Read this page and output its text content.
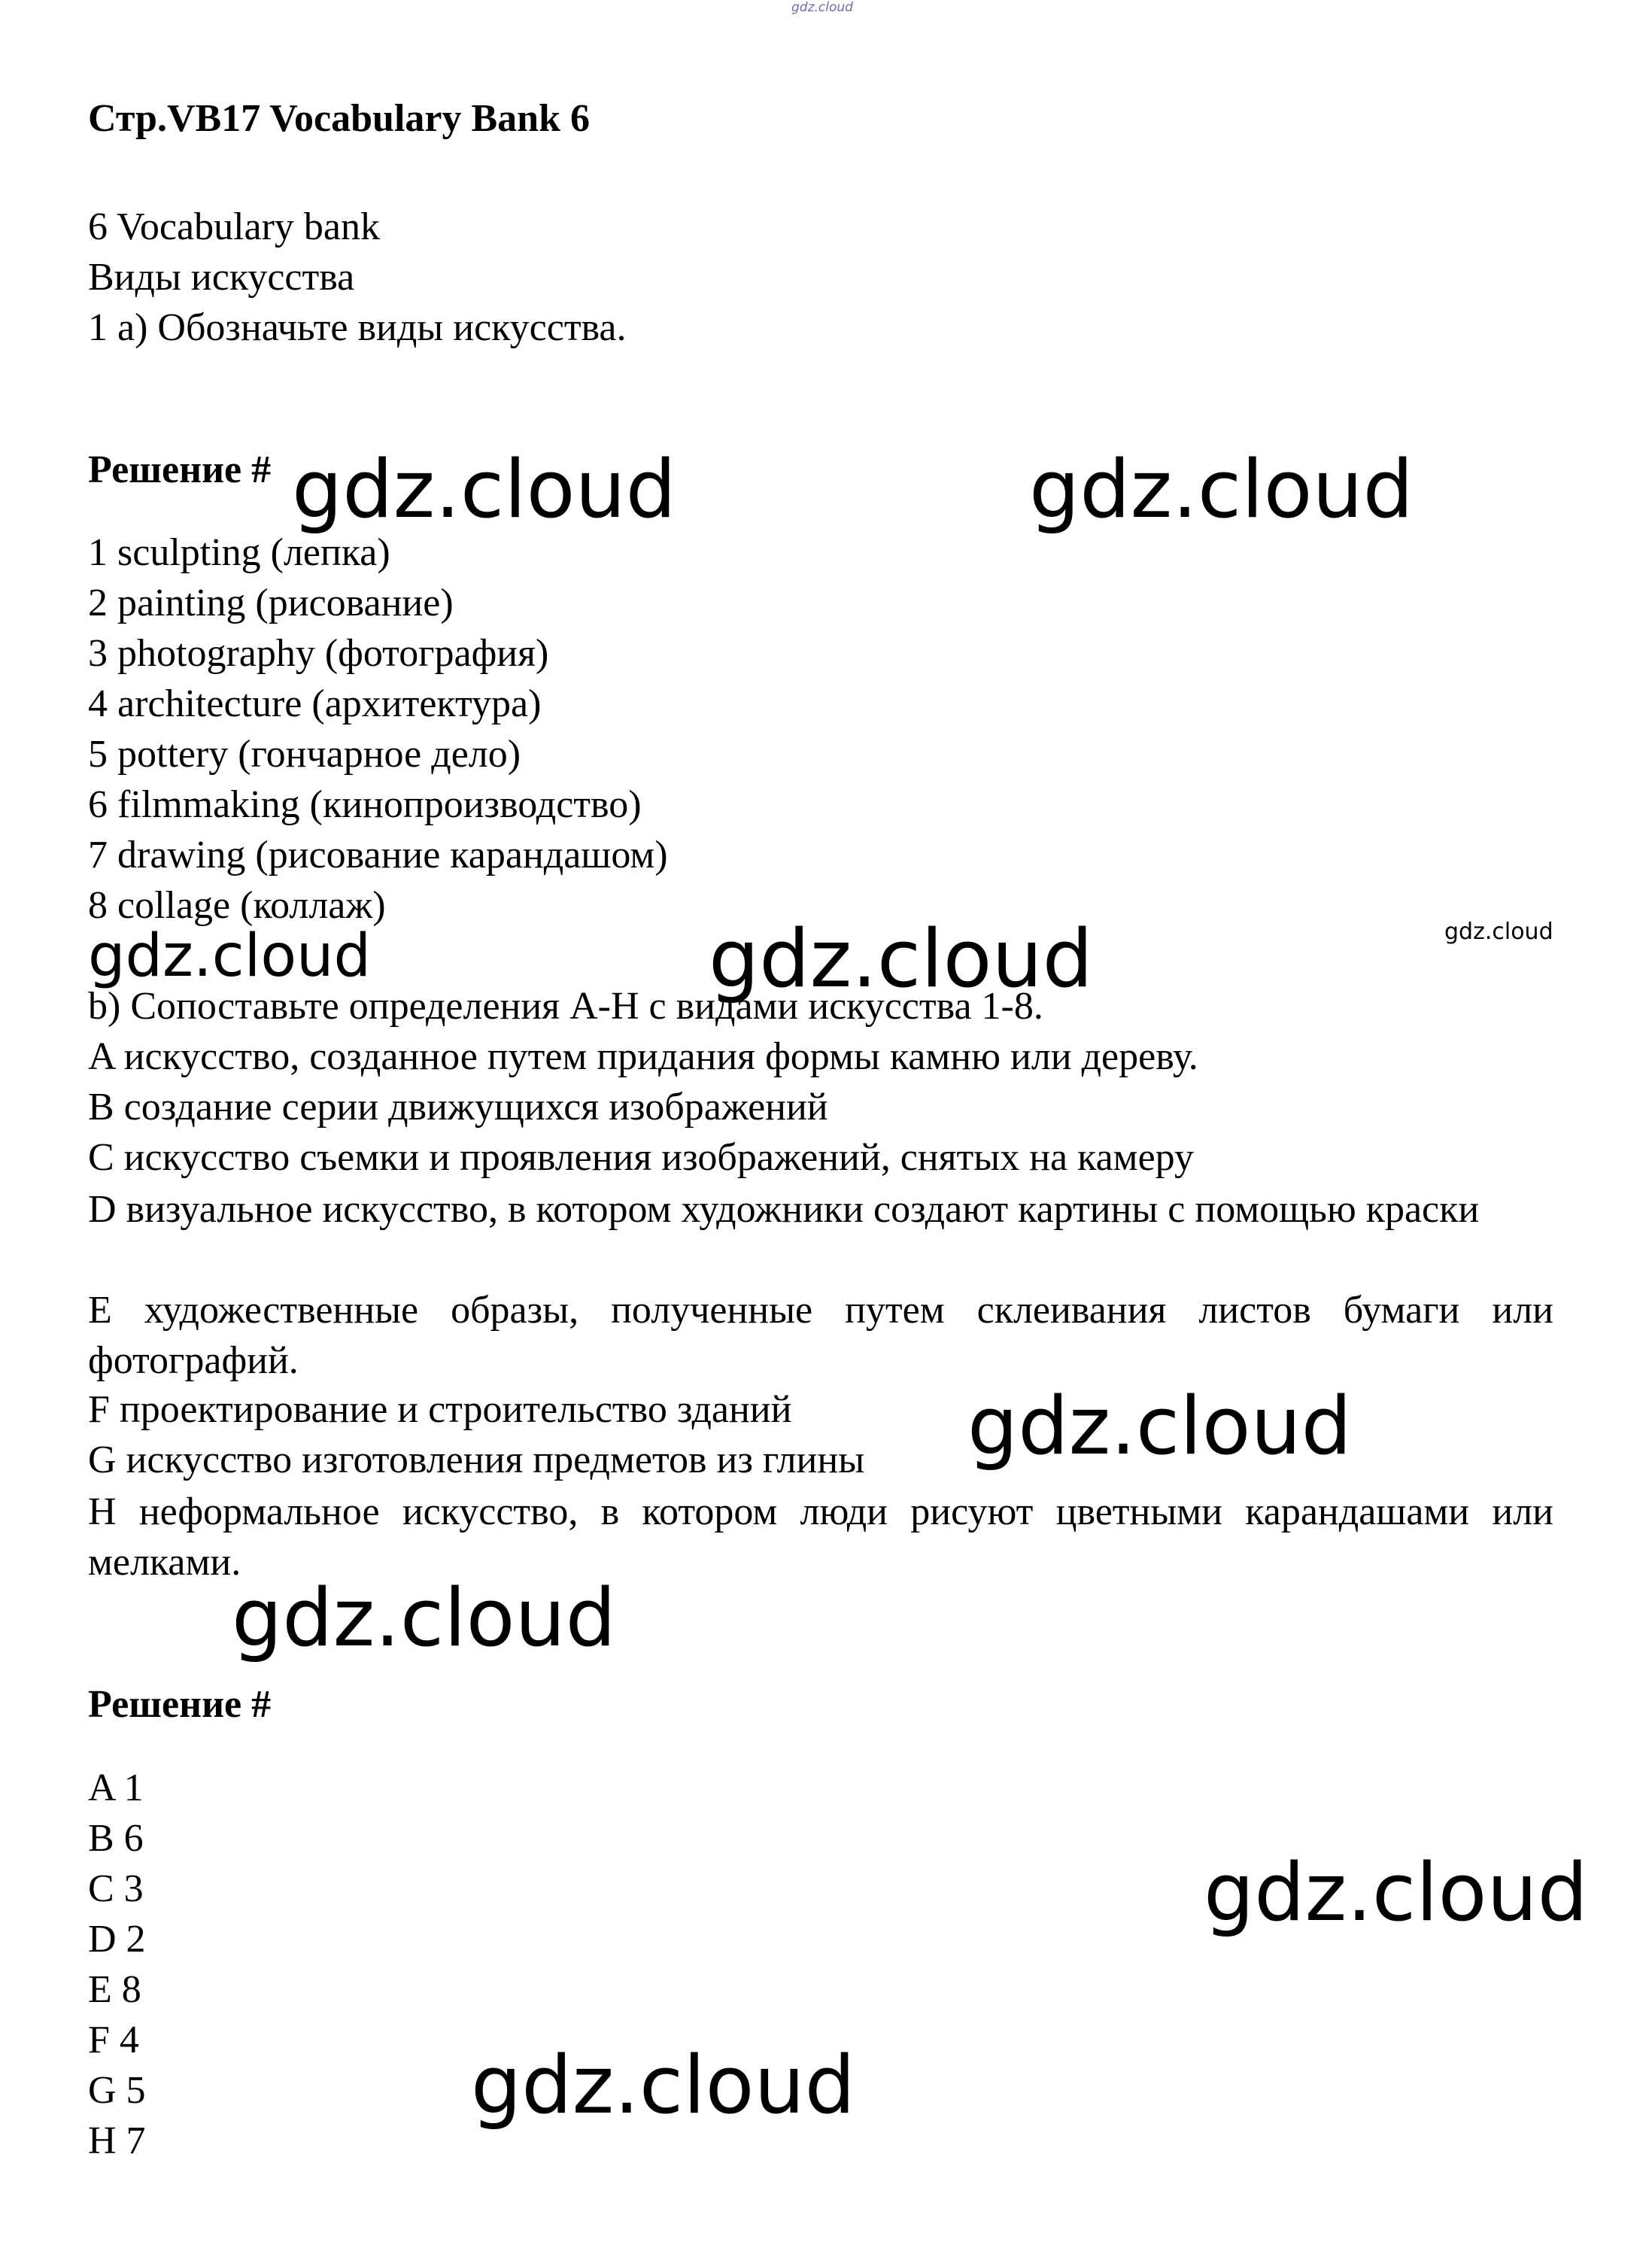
gdz.cloud
Стр.VB17 Vocabulary Bank 6
6 Vocabulary bank
Виды искусства
1 a) Обозначьте виды искусства.
Решение #
1 sculpting (лепка)
2 painting (рисование)
3 photography (фотография)
4 architecture (архитектура)
5 pottery (гончарное дело)
6 filmmaking (кинопроизводство)
7 drawing (рисование карандашом)
8 collage (коллаж)
b) Сопоставьте определения A-H с видами искусства 1-8.
A искусство, созданное путем придания формы камню или дереву.
B создание серии движущихся изображений
C искусство съемки и проявления изображений, снятых на камеру
D визуальное искусство, в котором художники создают картины с помощью краски
E художественные образы, полученные путем склеивания листов бумаги или фотографий.
F проектирование и строительство зданий
G искусство изготовления предметов из глины
H неформальное искусство, в котором люди рисуют цветными карандашами или мелками.
Решение #
A 1
B 6
C 3
D 2
E 8
F 4
G 5
H 7
gdz.cloud	gdz.cloud
gdz.cloud	gdz.cloud	gdz.cloud
gdz.cloud
gdz.cloud
gdz.cloud
gdz.cloud
